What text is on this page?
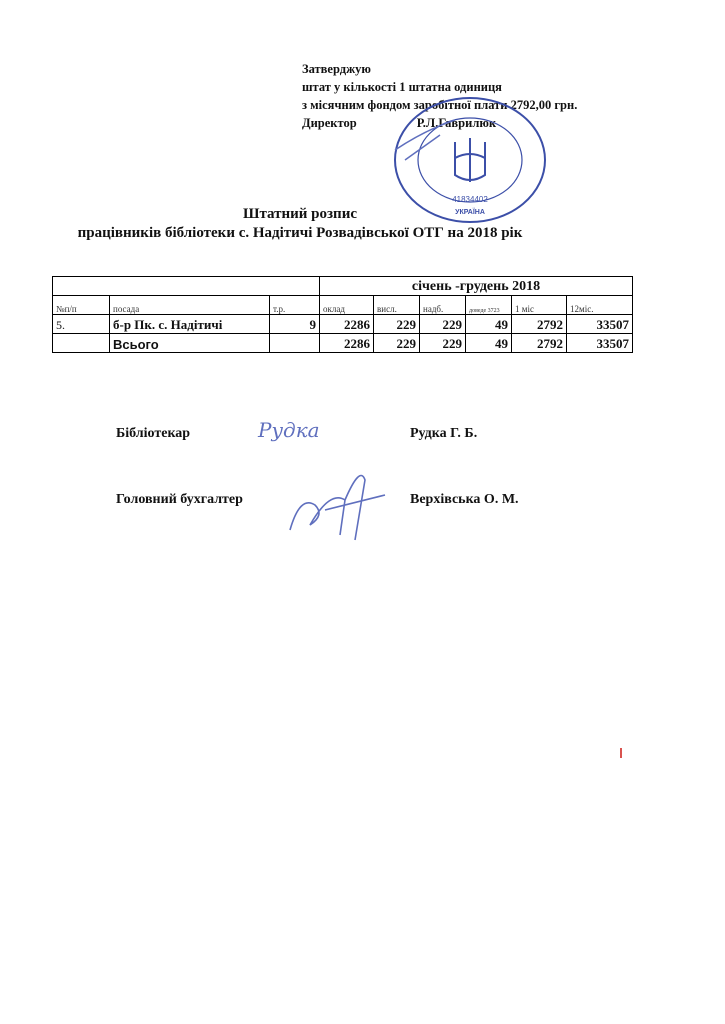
Затверджую
штат у кількості 1 штатна одиниця
з місячним фондом заробітної плати 2792,00 грн.
Директор	Р.Л.Гаврилюк
41834402
УКРАЇНА
Штатний розпис
працівників бібліотеки с. Надітичі Розвадівської ОТГ на 2018 рік
			січень -грудень 2018					
№п/п	посада	т.р.	оклад	висл.	надб.	доведе 3723	1 міс	12міс.
5.	б-р Пк. с. Надітичі	9	2286	229	229	49	2792	33507
	Всього		2286	229	229	49	2792	33507
Бібліотекар	Рудка	Рудка Г. Б.
Головний бухгалтер	Верхівська О. М.
